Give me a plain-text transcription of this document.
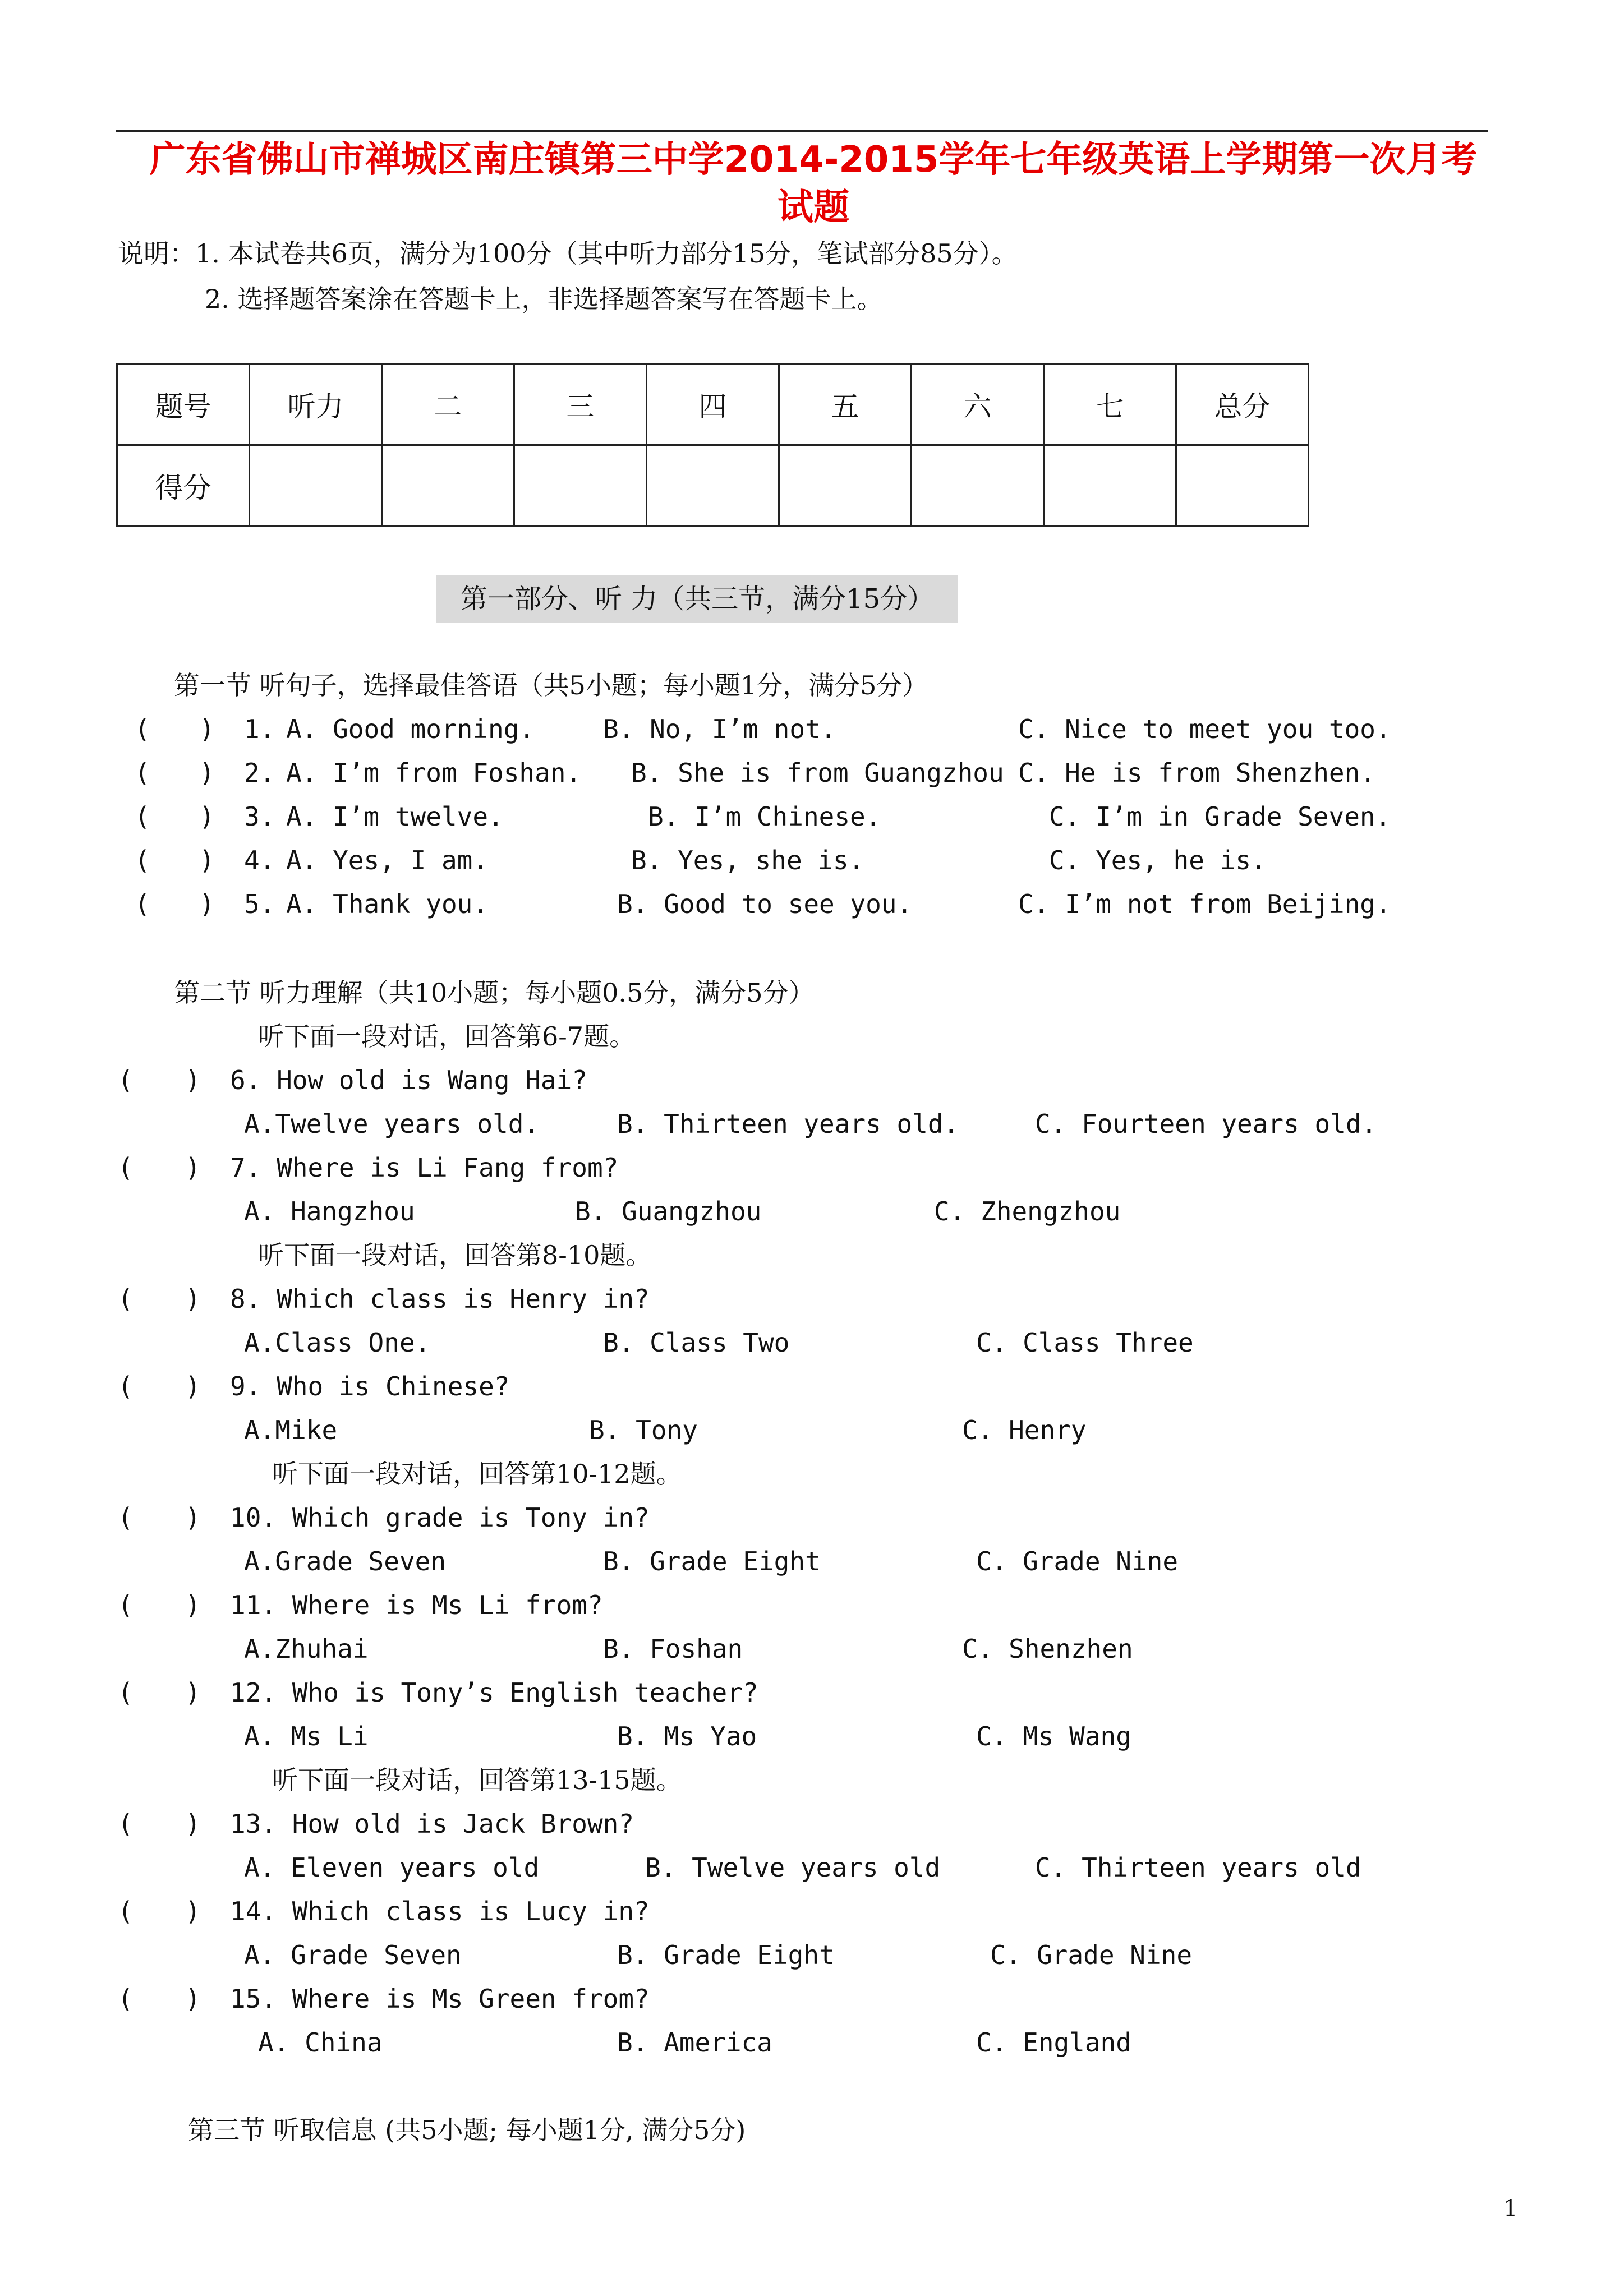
广东省佛山市禅城区南庄镇第三中学2014-2015学年七年级英语上学期第一次月考
试题
说明：1. 本试卷共6页，满分为100分（其中听力部分15分，笔试部分85分）。
2. 选择题答案涂在答题卡上，非选择题答案写在答题卡上。
题号	听力	二	三	四	五	六	七	总分
得分								
第一部分、听 力（共三节，满分15分）
第一节 听句子，选择最佳答语（共5小题；每小题1分，满分5分）
( ) 1. A. Good morning.	B. No, I’m not.	C. Nice to meet you too.
( ) 2. A. I’m from Foshan. B. She is from Guangzhou C. He is from Shenzhen.
( ) 3. A. I’m twelve.	B. I’m Chinese.	C. I’m in Grade Seven.
( ) 4. A. Yes, I am.	B. Yes, she is.	C. Yes, he is.
( ) 5. A. Thank you.	B. Good to see you.	C. I’m not from Beijing.
第二节 听力理解（共10小题；每小题0.5分，满分5分）
听下面一段对话，回答第6-7题。
( ) 6. How old is Wang Hai?
A.Twelve years old.	B. Thirteen years old.	C. Fourteen years old.
( ) 7. Where is Li Fang from?
A. Hangzhou	B. Guangzhou	C. Zhengzhou
听下面一段对话，回答第8-10题。
( ) 8. Which class is Henry in?
A.Class One.	B. Class Two	C. Class Three
( ) 9. Who is Chinese?
A.Mike	B. Tony	C. Henry
听下面一段对话，回答第10-12题。
( ) 10. Which grade is Tony in?
A.Grade Seven	B. Grade Eight	C. Grade Nine
( ) 11. Where is Ms Li from?
A.Zhuhai	B. Foshan	C. Shenzhen
( ) 12. Who is Tony’s English teacher?
A. Ms Li	B. Ms Yao	C. Ms Wang
听下面一段对话，回答第13-15题。
( ) 13. How old is Jack Brown?
A. Eleven years old	B. Twelve years old	C. Thirteen years old
( ) 14. Which class is Lucy in?
A. Grade Seven	B. Grade Eight	C. Grade Nine
( ) 15. Where is Ms Green from?
A. China	B. America	C. England
第三节 听取信息 (共5小题; 每小题1分, 满分5分)
1
